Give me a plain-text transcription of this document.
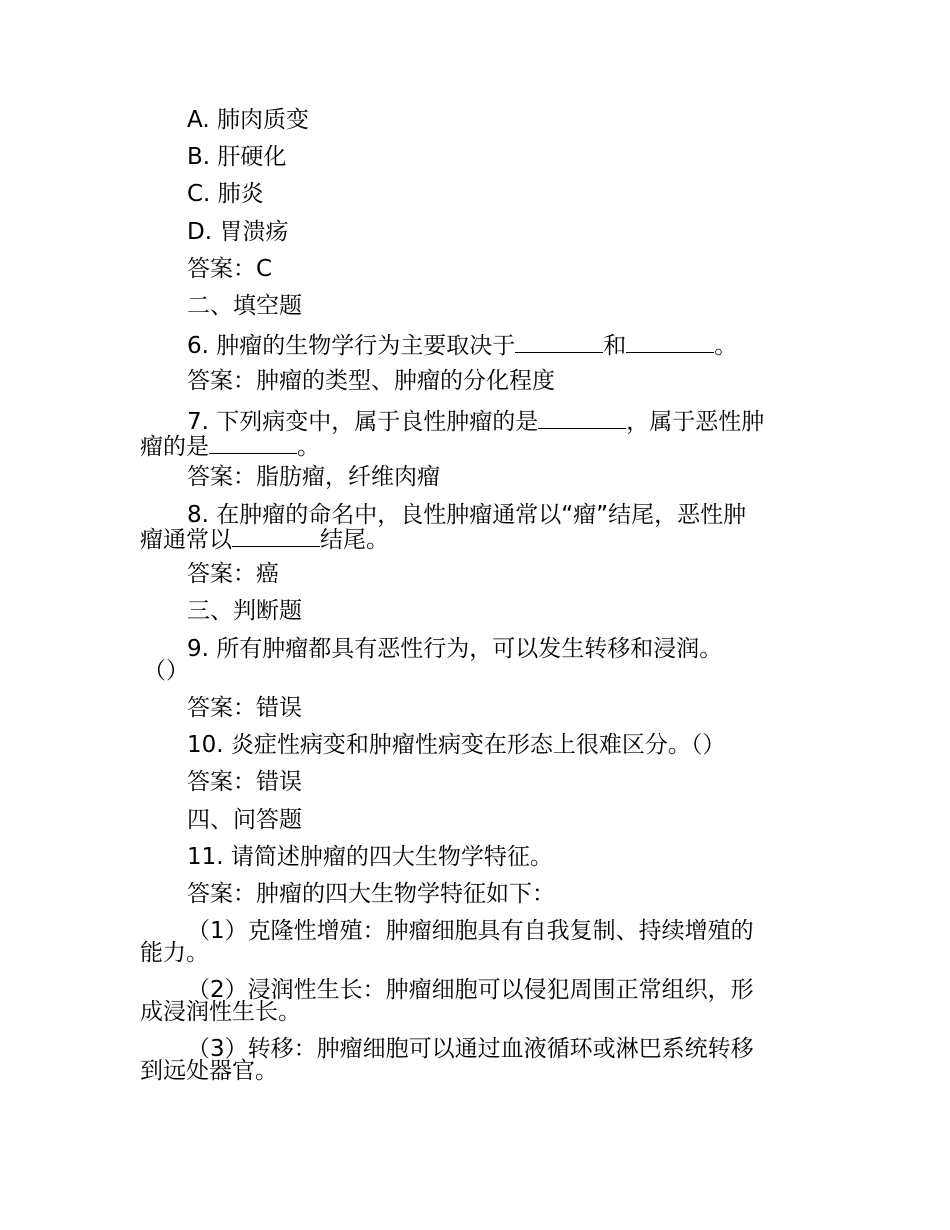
A. 肺肉质变
B. 肝硬化
C. 肺炎
D. 胃溃疡
答案：C
二、填空题
6. 肿瘤的生物学行为主要取决于	和	。
答案：肿瘤的类型、肿瘤的分化程度
7. 下列病变中，属于良性肿瘤的是	，属于恶性肿
瘤的是	。
答案：脂肪瘤，纤维肉瘤
8. 在肿瘤的命名中，良性肿瘤通常以“瘤”结尾，恶性肿
瘤通常以	结尾。
答案：癌
三、判断题
9. 所有肿瘤都具有恶性行为，可以发生转移和浸润。
（）
答案：错误
10. 炎症性病变和肿瘤性病变在形态上很难区分。（）
答案：错误
四、问答题
11. 请简述肿瘤的四大生物学特征。
答案：肿瘤的四大生物学特征如下：
（1）克隆性增殖：肿瘤细胞具有自我复制、持续增殖的
能力。
（2）浸润性生长：肿瘤细胞可以侵犯周围正常组织，形
成浸润性生长。
（3）转移：肿瘤细胞可以通过血液循环或淋巴系统转移
到远处器官。
